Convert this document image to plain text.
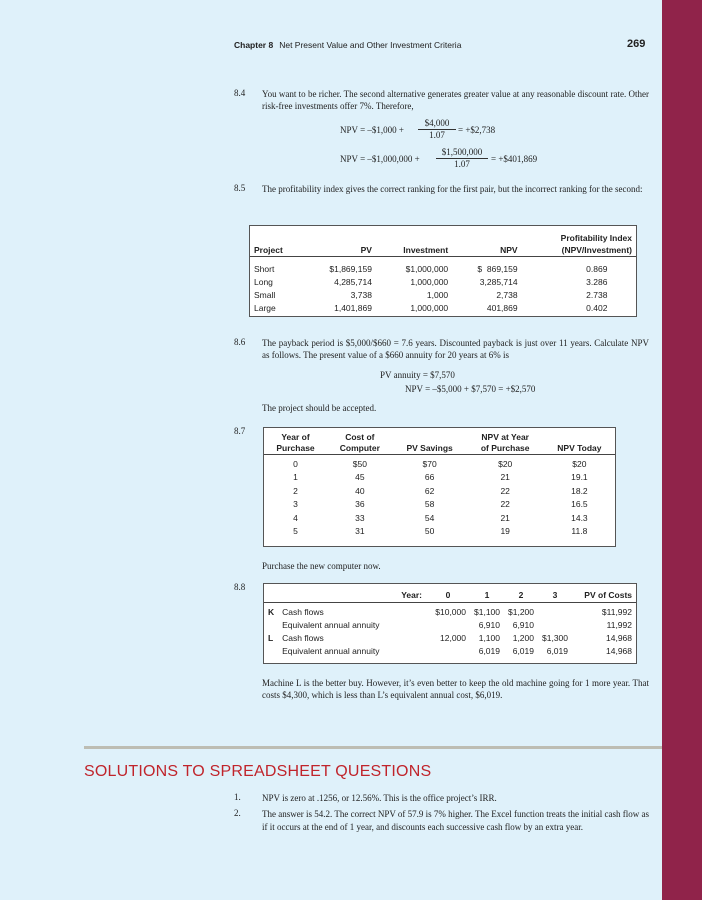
Chapter 8 Net Present Value and Other Investment Criteria	269
8.4 You want to be richer. The second alternative generates greater value at any reasonable discount rate. Other risk-free investments offer 7%. Therefore,
NPV = –$1,000 + $\frac{\$4,000}{1.07}$ = +$2,738
NPV = –$1,000,000 + $\frac{\$1,500,000}{1.07}$ = +$401,869
8.5 The profitability index gives the correct ranking for the first pair, but the incorrect ranking for the second:
				Profitability Index
Project	PV	Investment	NPV	(NPV/Investment)

Short	$1,869,159	$1,000,000	$  869,159	0.869
Long	4,285,714	1,000,000	3,285,714	3.286
Small	3,738	1,000	2,738	2.738
Large	1,401,869	1,000,000	401,869	0.402
8.6 The payback period is $5,000/$660 = 7.6 years. Discounted payback is just over 11 years. Calculate NPV as follows. The present value of a $660 annuity for 20 years at 6% is
PV annuity = $7,570
NPV = –$5,000 + $7,570 = +$2,570
The project should be accepted.
8.7
Year of	Cost of		NPV at Year	
Purchase	Computer	PV Savings	of Purchase	NPV Today

0	$50	$70	$20	$20
1	45	66	21	19.1
2	40	62	22	18.2
3	36	58	22	16.5
4	33	54	21	14.3
5	31	50	19	11.8
Purchase the new computer now.
8.8
	Year:	0	1	2	3	PV of Costs

K	Cash flows	$10,000	$1,100	$1,200		$11,992
	Equivalent annual annuity		6,910	6,910		11,992
L	Cash flows	12,000	1,100	1,200	$1,300	14,968
	Equivalent annual annuity		6,019	6,019	6,019	14,968
Machine L is the better buy. However, it’s even better to keep the old machine going for 1 more year. That costs $4,300, which is less than L’s equivalent annual cost, $6,019.
SOLUTIONS TO SPREADSHEET QUESTIONS
1. NPV is zero at .1256, or 12.56%. This is the office project’s IRR.
2. The answer is 54.2. The correct NPV of 57.9 is 7% higher. The Excel function treats the initial cash flow as if it occurs at the end of 1 year, and discounts each successive cash flow by an extra year.
